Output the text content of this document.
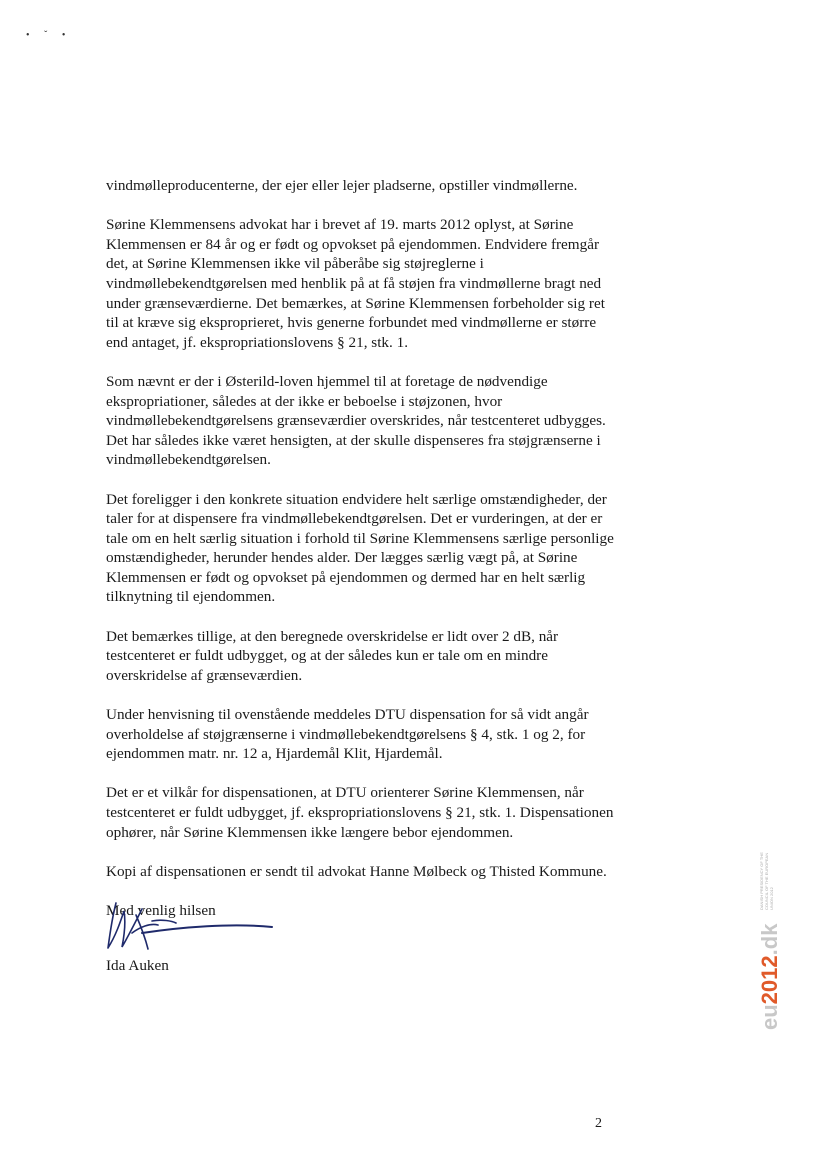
• ˇ •

vindmølleproducenterne, der ejer eller lejer pladserne, opstiller vindmøllerne.

Sørine Klemmensens advokat har i brevet af 19. marts 2012 oplyst, at Sørine Klemmensen er 84 år og er født og opvokset på ejendommen. Endvidere fremgår det, at Sørine Klemmensen ikke vil påberåbe sig støjreglerne i vindmøllebekendtgørelsen med henblik på at få støjen fra vindmøllerne bragt ned under grænseværdierne. Det bemærkes, at Sørine Klemmensen forbeholder sig ret til at kræve sig eksproprieret, hvis generne forbundet med vindmøllerne er større end antaget, jf. ekspropriationslovens § 21, stk. 1.

Som nævnt er der i Østerild-loven hjemmel til at foretage de nødvendige ekspropriationer, således at der ikke er beboelse i støjzonen, hvor vindmøllebekendtgørelsens grænseværdier overskrides, når testcenteret udbygges. Det har således ikke været hensigten, at der skulle dispenseres fra støjgrænserne i vindmøllebekendtgørelsen.

Det foreligger i den konkrete situation endvidere helt særlige omstændigheder, der taler for at dispensere fra vindmøllebekendtgørelsen. Det er vurderingen, at der er tale om en helt særlig situation i forhold til Sørine Klemmensens særlige personlige omstændigheder, herunder hendes alder. Der lægges særlig vægt på, at Sørine Klemmensen er født og opvokset på ejendommen og dermed har en helt særlig tilknytning til ejendommen.

Det bemærkes tillige, at den beregnede overskridelse er lidt over 2 dB, når testcenteret er fuldt udbygget, og at der således kun er tale om en mindre overskridelse af grænseværdien.

Under henvisning til ovenstående meddeles DTU dispensation for så vidt angår overholdelse af støjgrænserne i vindmøllebekendtgørelsens § 4, stk. 1 og 2, for ejendommen matr. nr. 12 a, Hjardemål Klit, Hjardemål.

Det er et vilkår for dispensationen, at DTU orienterer Sørine Klemmensen, når testcenteret er fuldt udbygget, jf. ekspropriationslovens § 21, stk. 1. Dispensationen ophører, når Sørine Klemmensen ikke længere bebor ejendommen.

Kopi af dispensationen er sendt til advokat Hanne Mølbeck og Thisted Kommune.

Med venlig hilsen
Ida Auken
DANISH PRESIDENCY OF THE COUNCIL OF THE EUROPEAN UNION 2012
eu2012.dk
2
